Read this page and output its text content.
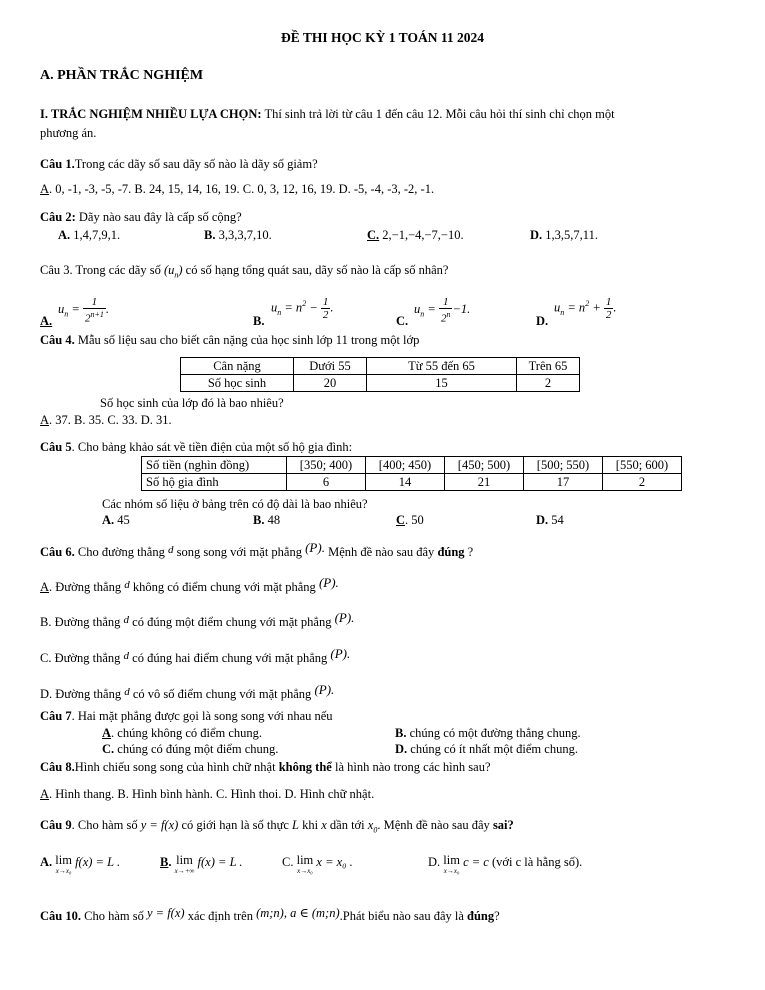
ĐỀ THI HỌC KỲ 1 TOÁN 11 2024
A. PHẦN TRẮC NGHIỆM
I. TRẮC NGHIỆM NHIỀU LỰA CHỌN: Thí sinh trả lời từ câu 1 đến câu 12. Mỗi câu hỏi thí sinh chỉ chọn một
phương án.
Câu 1.Trong các dãy số sau dãy số nào là dãy số giảm?
A. 0, -1, -3, -5, -7. B. 24, 15, 14, 16, 19. C. 0, 3, 12, 16, 19. D. -5, -4, -3, -2, -1.
Câu 2: Dãy nào sau đây là cấp số cộng?
A. 1,4,7,9,1.	B. 3,3,3,7,10.	C. 2,−1,−4,−7,−10.	D. 1,3,5,7,11.
Câu 3. Trong các dãy số $(u_n)$ có số hạng tổng quát sau, dãy số nào là cấp số nhân?
A.
$u_n = \frac{1}{2^{n+1}}$ .
B.
$u_n = n^2 - \frac{1}{2}$ .
C.
$u_n = \frac{1}{2^n} -1$.
D.
$u_n = n^2 + \frac{1}{2}$ .
Câu 4. Mẫu số liệu sau cho biết cân nặng của học sinh lớp 11 trong một lớp
Cân nặng	Dưới 55	Từ 55 đến 65	Trên 65
Số học sinh	20	15	2
Số học sinh của lớp đó là bao nhiêu?
A. 37. B. 35. C. 33. D. 31.
Câu 5. Cho bảng khảo sát về tiền điện của một số hộ gia đình:
Số tiền (nghìn đồng)	[350; 400)	[400; 450)	[450; 500)	[500; 550)	[550; 600)
Số hộ gia đình	6	14	21	17	2
Các nhóm số liệu ở bảng trên có độ dài là bao nhiêu?
A. 45	B. 48	C. 50	D. 54
Câu 6. Cho đường thẳng d song song với mặt phẳng (P). Mệnh đề nào sau đây đúng ?
A. Đường thẳng d không có điểm chung với mặt phẳng (P).
B. Đường thẳng d có đúng một điểm chung với mặt phẳng (P).
C. Đường thẳng d có đúng hai điểm chung với mặt phẳng (P).
D. Đường thẳng d có vô số điểm chung với mặt phẳng (P).
Câu 7. Hai mặt phẳng được gọi là song song với nhau nếu
A. chúng không có điểm chung.	B. chúng có một đường thẳng chung.
C. chúng có đúng một điểm chung.	D. chúng có ít nhất một điểm chung.
Câu 8.Hình chiếu song song của hình chữ nhật không thể là hình nào trong các hình sau?
A. Hình thang. B. Hình bình hành. C. Hình thoi. D. Hình chữ nhật.
Câu 9. Cho hàm số y = f(x) có giới hạn là số thực L khi x dần tới $x_0$. Mệnh đề nào sau đây sai?
A. lim
x→x₀
f(x) = L .	B. lim
x→+∞
f(x) = L .	C. lim
x→x₀
x = x₀ .	D. lim
x→x₀
c = c (với c là hằng số).
Câu 10. Cho hàm số y = f(x) xác định trên (m;n), a ∈ (m;n).Phát biểu nào sau đây là đúng?
